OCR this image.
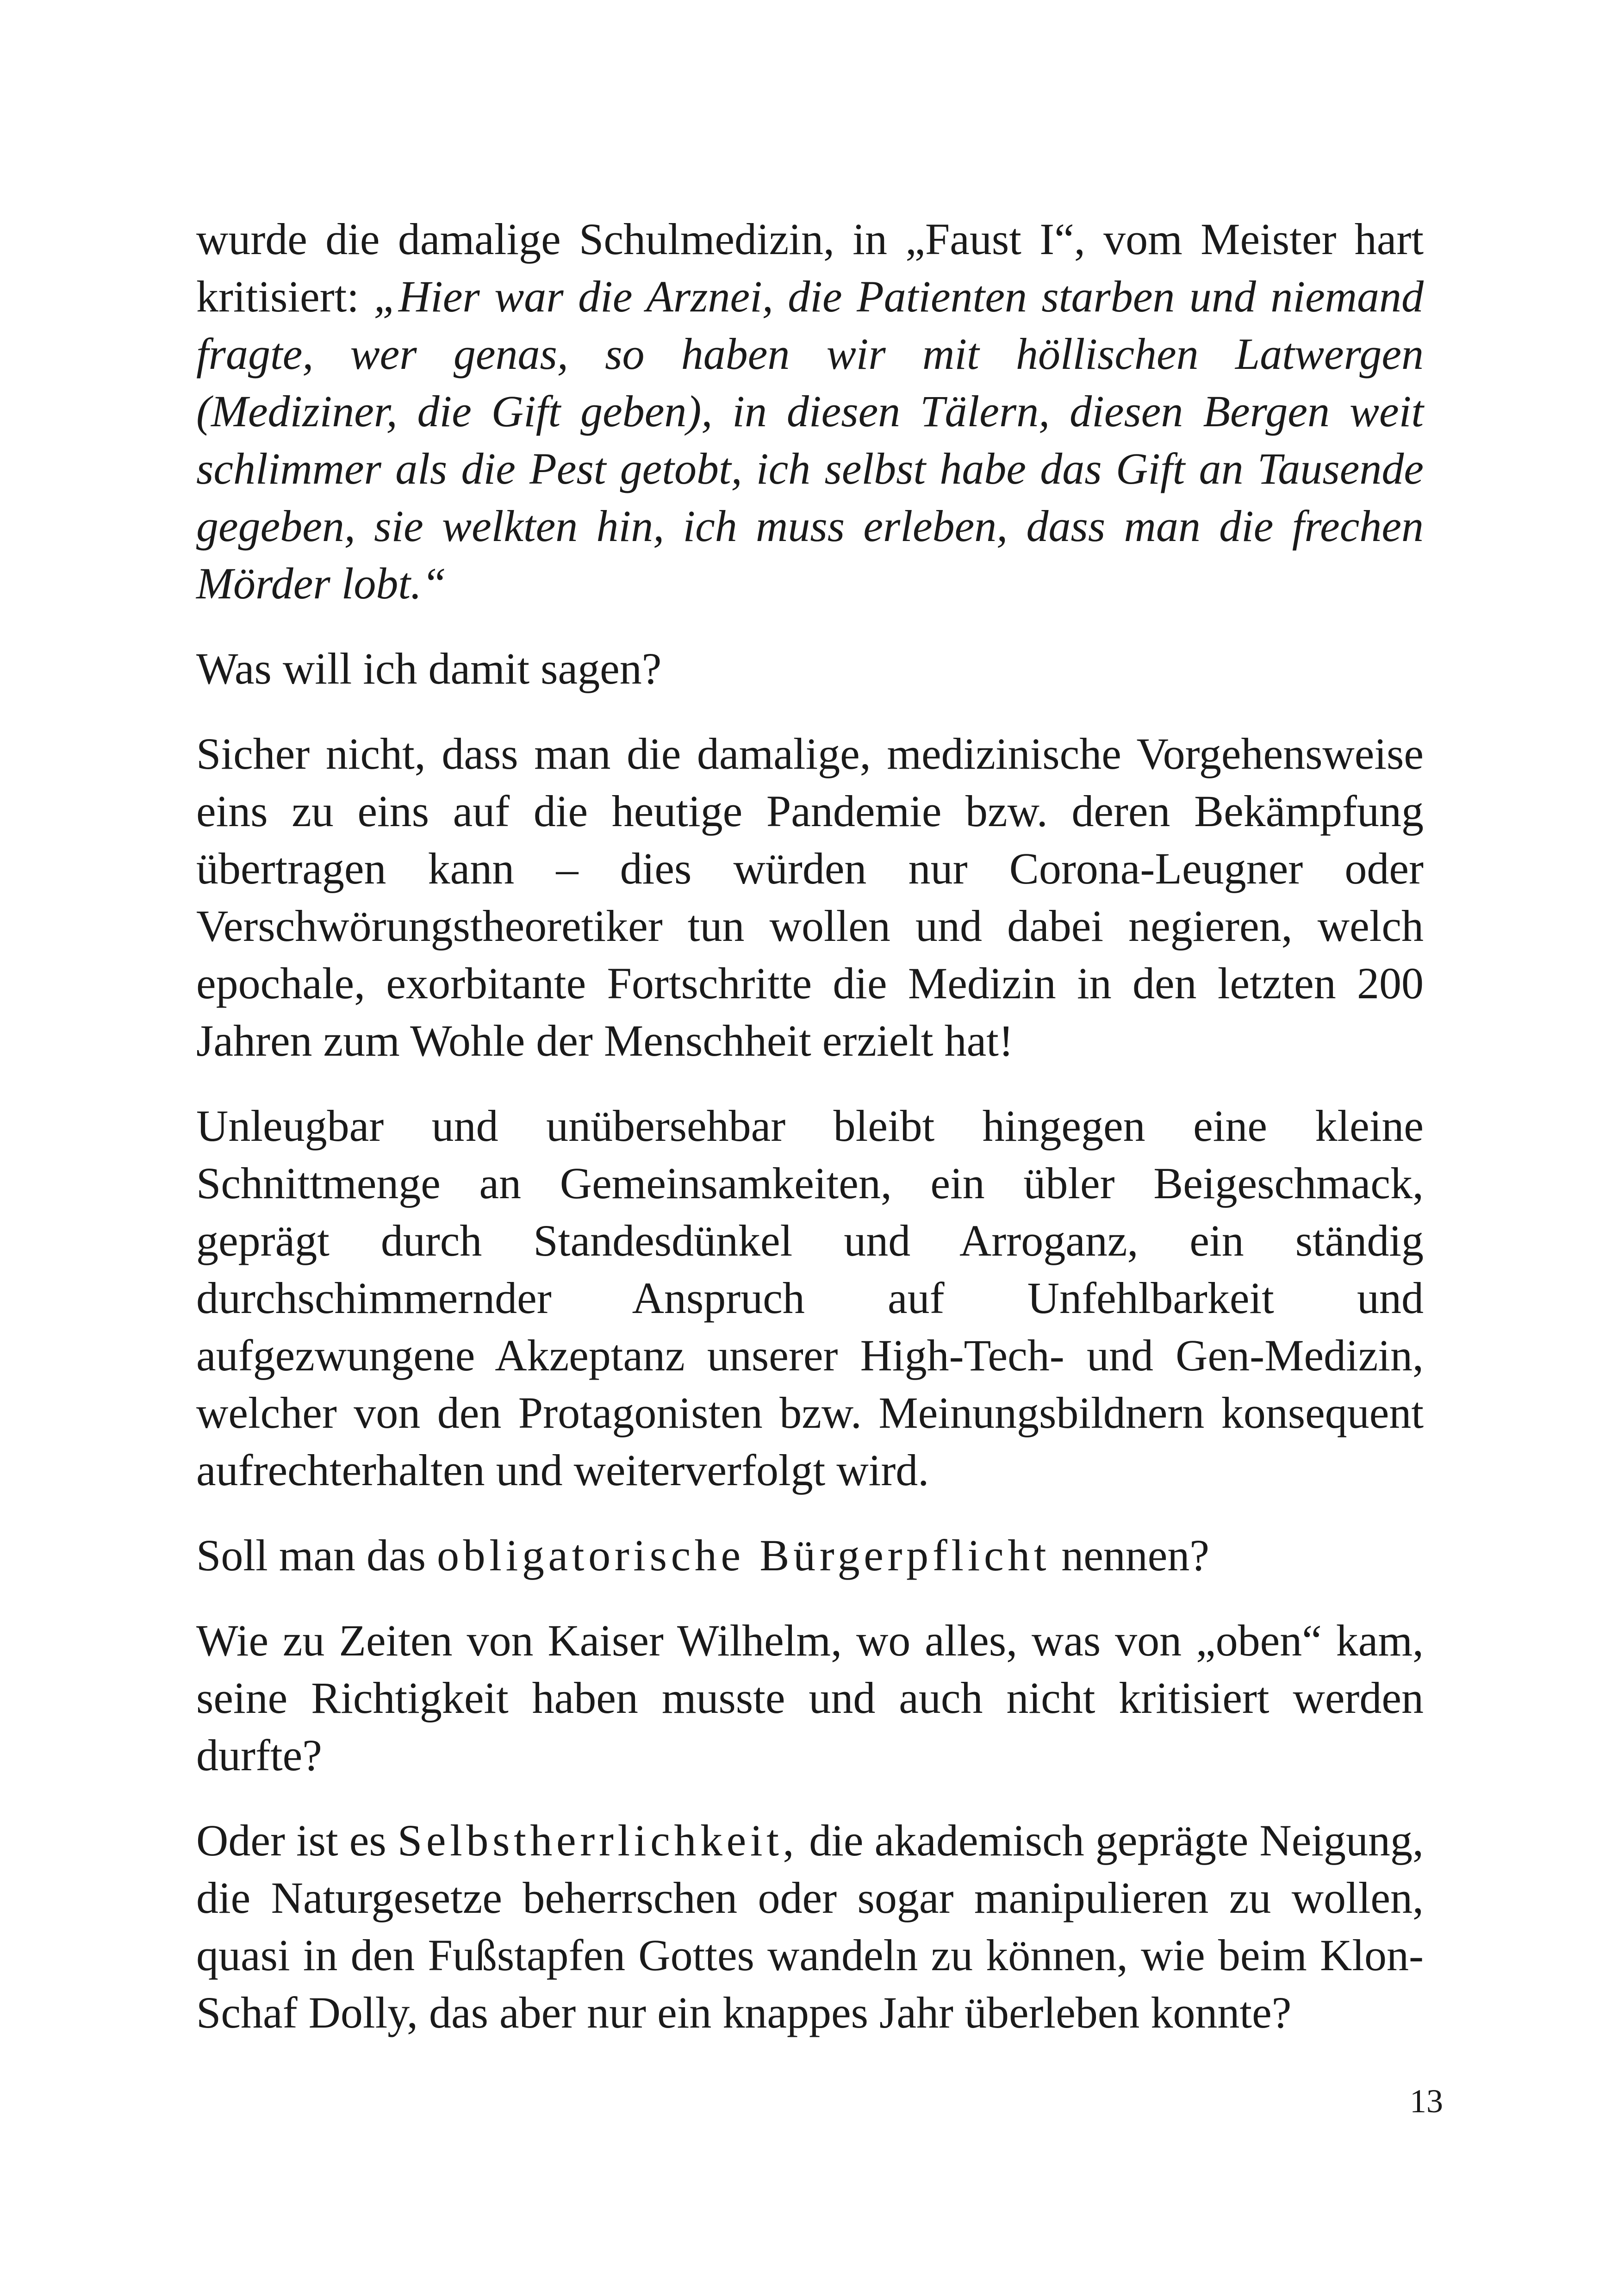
wurde die damalige Schulmedizin, in „Faust I“, vom Meister hart kritisiert: „Hier war die Arznei, die Patienten starben und niemand fragte, wer genas, so haben wir mit höllischen Latwergen (Mediziner, die Gift geben), in diesen Tälern, diesen Bergen weit schlimmer als die Pest getobt, ich selbst habe das Gift an Tausende gegeben, sie welkten hin, ich muss erleben, dass man die frechen Mörder lobt.“

Was will ich damit sagen?

Sicher nicht, dass man die damalige, medizinische Vorgehensweise eins zu eins auf die heutige Pandemie bzw. deren Bekämpfung übertragen kann – dies würden nur Corona-Leugner oder Verschwörungstheoretiker tun wollen und dabei negieren, welch epochale, exorbitante Fortschritte die Medizin in den letzten 200 Jahren zum Wohle der Menschheit erzielt hat!

Unleugbar und unübersehbar bleibt hingegen eine kleine Schnittmenge an Gemeinsamkeiten, ein übler Beigeschmack, geprägt durch Standesdünkel und Arroganz, ein ständig durchschimmernder Anspruch auf Unfehlbarkeit und aufgezwungene Akzeptanz unserer High-Tech- und Gen-Medizin, welcher von den Protagonisten bzw. Meinungsbildnern konsequent aufrechterhalten und weiterverfolgt wird.

Soll man das obligatorische Bürgerpflicht nennen?

Wie zu Zeiten von Kaiser Wilhelm, wo alles, was von „oben“ kam, seine Richtigkeit haben musste und auch nicht kritisiert werden durfte?

Oder ist es Selbstherrlichkeit, die akademisch geprägte Neigung, die Naturgesetze beherrschen oder sogar manipulieren zu wollen, quasi in den Fußstapfen Gottes wandeln zu können, wie beim Klon-Schaf Dolly, das aber nur ein knappes Jahr überleben konnte?

13
